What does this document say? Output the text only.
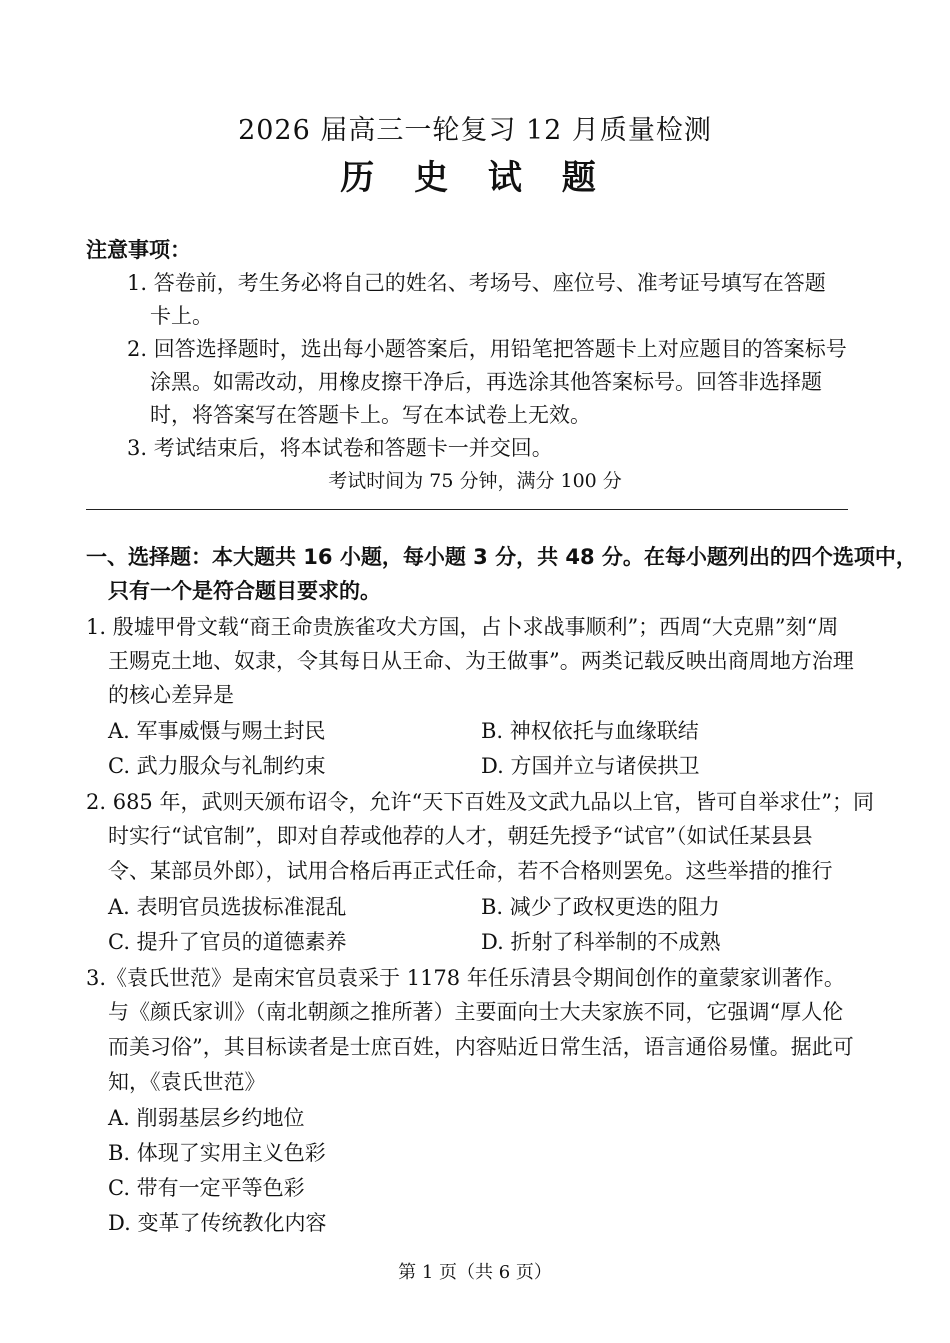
2026 届高三一轮复习 12 月质量检测
历 史 试 题
注意事项：
1. 答卷前，考生务必将自己的姓名、考场号、座位号、准考证号填写在答题
卡上。
2. 回答选择题时，选出每小题答案后，用铅笔把答题卡上对应题目的答案标号
涂黑。如需改动，用橡皮擦干净后，再选涂其他答案标号。回答非选择题
时，将答案写在答题卡上。写在本试卷上无效。
3. 考试结束后，将本试卷和答题卡一并交回。
考试时间为 75 分钟，满分 100 分
一、选择题：本大题共 16 小题，每小题 3 分，共 48 分。在每小题列出的四个选项中，
只有一个是符合题目要求的。
1. 殷墟甲骨文载“商王命贵族雀攻犬方国，占卜求战事顺利”；西周“大克鼎”刻“周
王赐克土地、奴隶，令其每日从王命、为王做事”。两类记载反映出商周地方治理
的核心差异是
A. 军事威慑与赐土封民	B. 神权依托与血缘联结
C. 武力服众与礼制约束	D. 方国并立与诸侯拱卫
2. 685 年，武则天颁布诏令，允许“天下百姓及文武九品以上官，皆可自举求仕”；同
时实行“试官制”，即对自荐或他荐的人才，朝廷先授予“试官”（如试任某县县
令、某部员外郎），试用合格后再正式任命，若不合格则罢免。这些举措的推行
A. 表明官员选拔标准混乱	B. 减少了政权更迭的阻力
C. 提升了官员的道德素养	D. 折射了科举制的不成熟
3.《袁氏世范》是南宋官员袁采于 1178 年任乐清县令期间创作的童蒙家训著作。
与《颜氏家训》（南北朝颜之推所著）主要面向士大夫家族不同，它强调“厚人伦
而美习俗”，其目标读者是士庶百姓，内容贴近日常生活，语言通俗易懂。据此可
知，《袁氏世范》
A. 削弱基层乡约地位
B. 体现了实用主义色彩
C. 带有一定平等色彩
D. 变革了传统教化内容
第 1 页（共 6 页）
